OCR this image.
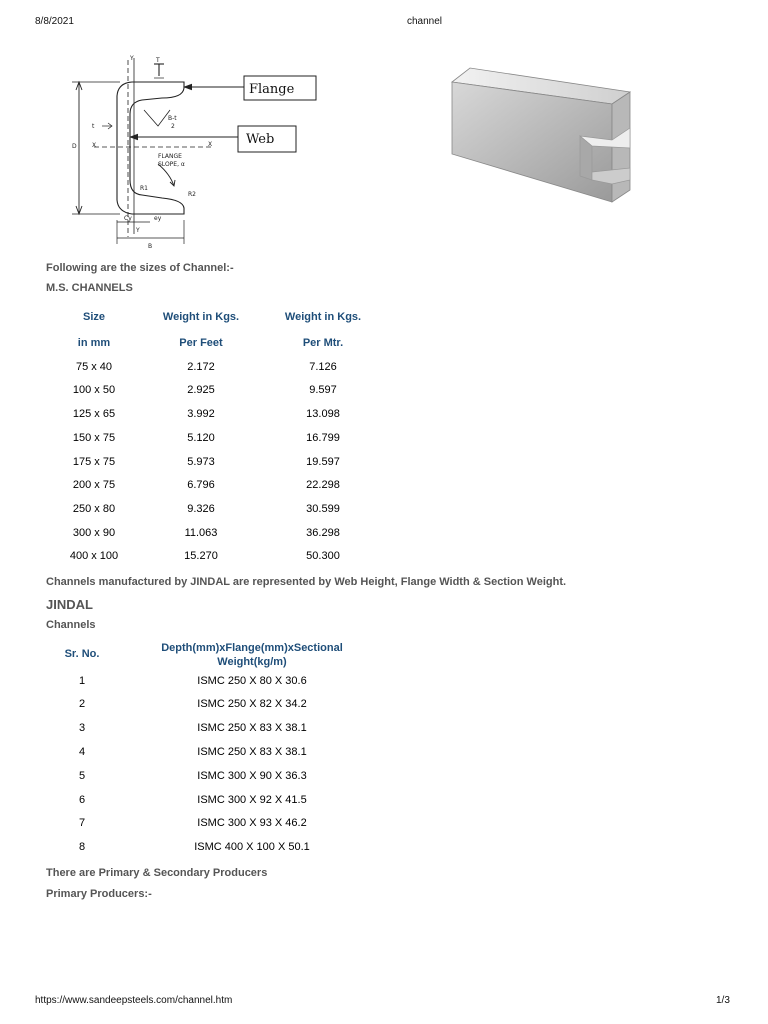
8/8/2021	channel
D	X	X
Y	T
B-t
2
t
B
Cy	ey
Y
R1
R2
Flange
Web
FLANGE
SLOPE, α
Following are the sizes of Channel:-
M.S. CHANNELS
Size	Weight in Kgs.	Weight in Kgs.
in mm	Per Feet	Per Mtr.
75 x 40	2.172	7.126
100 x 50	2.925	9.597
125 x 65	3.992	13.098
150 x 75	5.120	16.799
175 x 75	5.973	19.597
200 x 75	6.796	22.298
250 x 80	9.326	30.599
300 x 90	11.063	36.298
400 x 100	15.270	50.300
Channels manufactured by JINDAL are represented by Web Height, Flange Width & Section Weight.
JINDAL
Channels
Sr. No.	Depth(mm)xFlange(mm)xSectional
Weight(kg/m)
1	ISMC 250 X 80 X 30.6
2	ISMC 250 X 82 X 34.2
3	ISMC 250 X 83 X 38.1
4	ISMC 250 X 83 X 38.1
5	ISMC 300 X 90 X 36.3
6	ISMC 300 X 92 X 41.5
7	ISMC 300 X 93 X 46.2
8	ISMC 400 X 100 X 50.1
There are Primary & Secondary Producers
Primary Producers:-
https://www.sandeepsteels.com/channel.htm	1/3
